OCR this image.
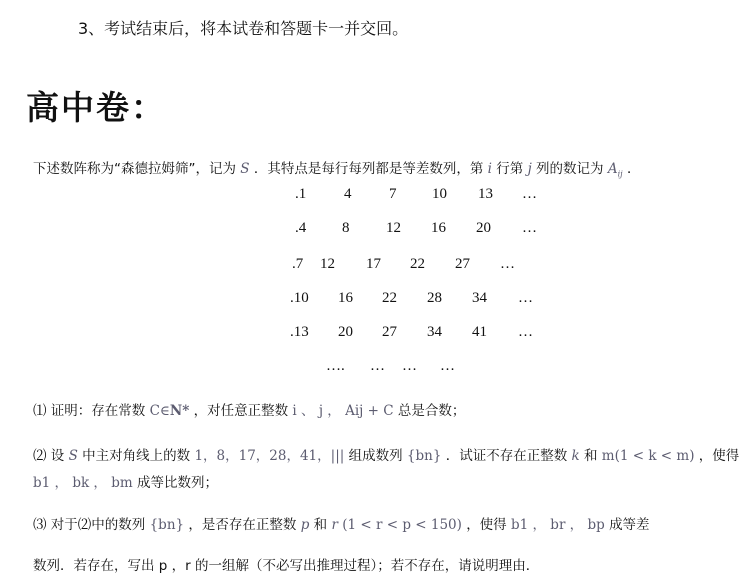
3、考试结束后，将本试卷和答题卡一并交回。
高中卷：
下述数阵称为“森德拉姆筛”，记为 S ．其特点是每行每列都是等差数列，第 i 行第 j 列的数记为 $A_{ij}$ ．
.1	4	7 10 13 …
.4 8 12 16 20 …
.7 12 17 22 27 …
.10 16 22 28 34 …
.13 20 27 34 41 …
…. … … …
⑴ 证明：存在常数 C∈N* ，对任意正整数 i 、 j ， Aij + C 总是合数；
⑵ 设 S 中主对角线上的数 1，8，17，28，41，||| 组成数列 {bn} ．试证不存在正整数 k 和 m(1 < k < m) ，使得
b1 ， bk ， bm 成等比数列；
⑶ 对于⑵中的数列 {bn} ，是否存在正整数 p 和 r (1 < r < p < 150) ，使得 b1 ， br ， bp 成等差
数列．若存在，写出 p ，r 的一组解（不必写出推理过程）；若不存在，请说明理由．
